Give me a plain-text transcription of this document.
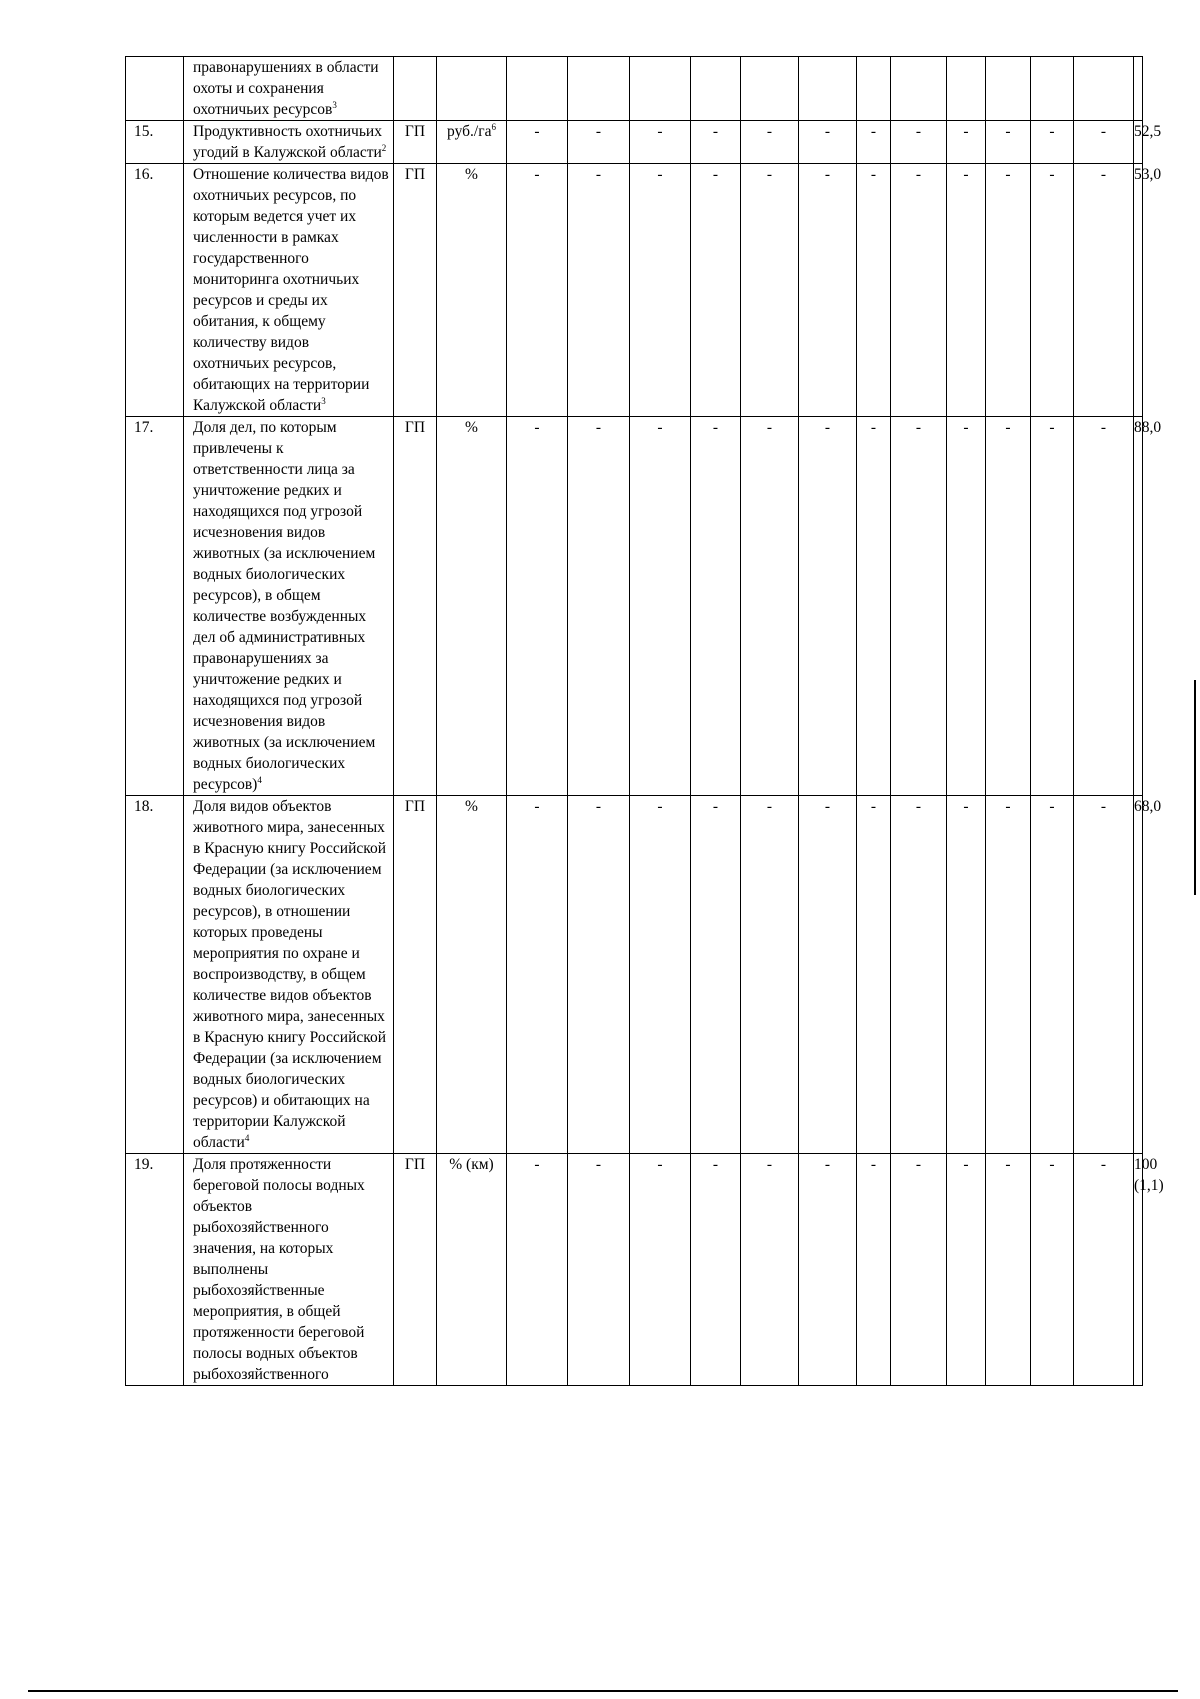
	правонарушениях в области охоты и сохранения охотничьих ресурсов$^3$															
15.	Продуктивность охотничьих угодий в Калужской области$^2$	ГП	$руб./га^6$	-	-	-	-	-	-	-	-	-	-	-	-	52,5
16.	Отношение количества видов охотничьих ресурсов, по которым ведется учет их численности в рамках государственного мониторинга охотничьих ресурсов и среды их обитания, к общему количеству видов охотничьих ресурсов, обитающих на территории Калужской области$^3$	ГП	%	-	-	-	-	-	-	-	-	-	-	-	-	53,0
17.	Доля дел, по которым привлечены к ответственности лица за уничтожение редких и находящихся под угрозой исчезновения видов животных (за исключением водных биологических ресурсов), в общем количестве возбужденных дел об административных правонарушениях за уничтожение редких и находящихся под угрозой исчезновения видов животных (за исключением водных биологических ресурсов)$^4$	ГП	%	-	-	-	-	-	-	-	-	-	-	-	-	88,0
18.	Доля видов объектов животного мира, занесенных в Красную книгу Российской Федерации (за исключением водных биологических ресурсов), в отношении которых проведены мероприятия по охране и воспроизводству, в общем количестве видов объектов животного мира, занесенных в Красную книгу Российской Федерации (за исключением водных биологических ресурсов) и обитающих на территории Калужской области$^4$	ГП	%	-	-	-	-	-	-	-	-	-	-	-	-	68,0
19.	Доля протяженности береговой полосы водных объектов рыбохозяйственного значения, на которых выполнены рыбохозяйственные мероприятия, в общей протяженности береговой полосы водных объектов рыбохозяйственного	ГП	% (км)	-	-	-	-	-	-	-	-	-	-	-	-	100 (1,1)
